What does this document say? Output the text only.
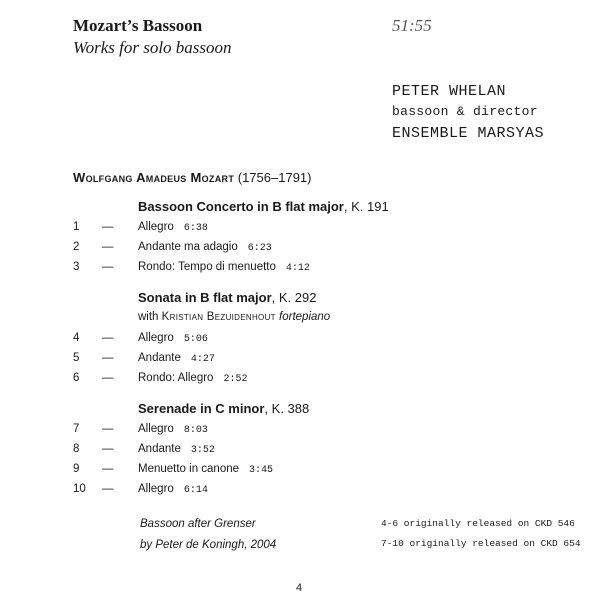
Mozart’s Bassoon
Works for solo bassoon
51:55
PETER WHELAN
bassoon & director
ENSEMBLE MARSYAS
Wolfgang Amadeus Mozart (1756–1791)
Bassoon Concerto in B flat major, K. 191
1 — Allegro 6:38
2 — Andante ma adagio 6:23
3 — Rondo: Tempo di menuetto 4:12
Sonata in B flat major, K. 292
with Kristian Bezuidenhout fortepiano
4 — Allegro 5:06
5 — Andante 4:27
6 — Rondo: Allegro 2:52
Serenade in C minor, K. 388
7 — Allegro 8:03
8 — Andante 3:52
9 — Menuetto in canone 3:45
10 — Allegro 6:14
Bassoon after Grenser
by Peter de Koningh, 2004
4-6 originally released on CKD 546
7-10 originally released on CKD 654
4
